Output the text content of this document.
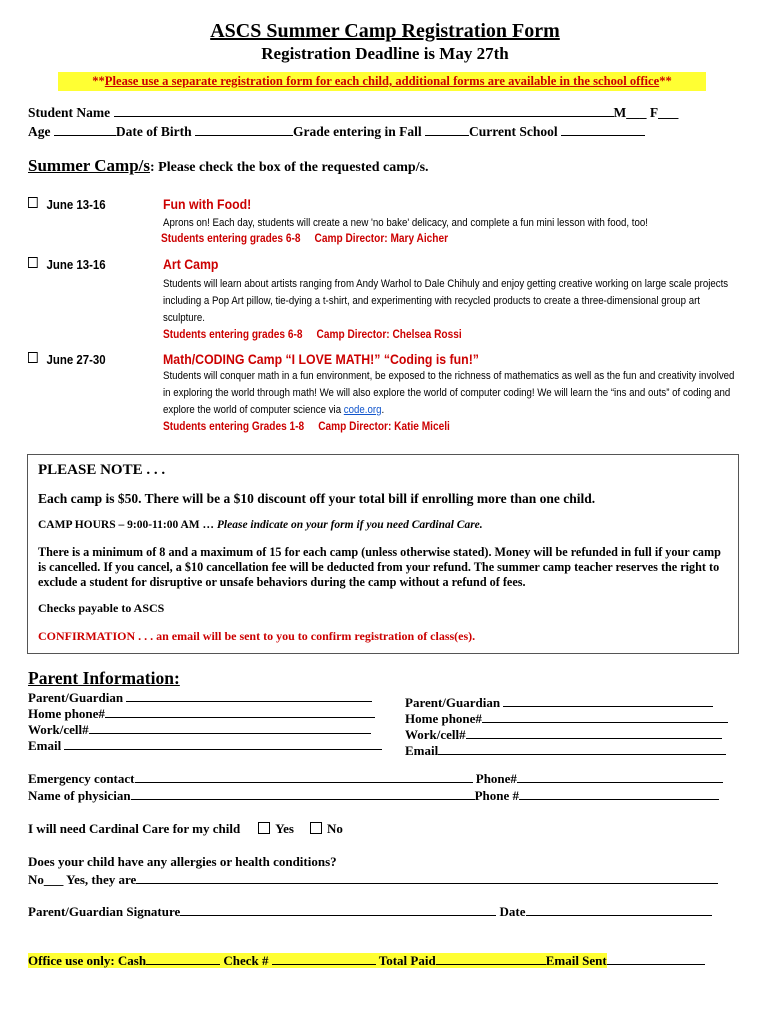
ASCS Summer Camp Registration Form
Registration Deadline is May 27th
**Please use a separate registration form for each child, additional forms are available in the school office**
Student Name	M___ F___
Age	Date of Birth	Grade entering in Fall	Current School
Summer Camp/s: Please check the box of the requested camp/s.
June 13-16	Fun with Food!
Aprons on! Each day, students will create a new 'no bake' delicacy, and complete a fun mini lesson with food, too!
Students entering grades 6-8 Camp Director: Mary Aicher
June 13-16	Art Camp
Students will learn about artists ranging from Andy Warhol to Dale Chihuly and enjoy getting creative working on large scale projects including a Pop Art pillow, tie-dying a t-shirt, and experimenting with recycled products to create a three-dimensional group art sculpture.
Students entering grades 6-8 Camp Director: Chelsea Rossi
June 27-30	Math/CODING Camp “I LOVE MATH!” “Coding is fun!”
Students will conquer math in a fun environment, be exposed to the richness of mathematics as well as the fun and creativity involved in exploring the world through math! We will also explore the world of computer coding! We will learn the “ins and outs” of coding and explore the world of computer science via code.org.
Students entering Grades 1-8 Camp Director: Katie Miceli
PLEASE NOTE . . .
Each camp is $50. There will be a $10 discount off your total bill if enrolling more than one child.
CAMP HOURS – 9:00-11:00 AM … Please indicate on your form if you need Cardinal Care.
There is a minimum of 8 and a maximum of 15 for each camp (unless otherwise stated). Money will be refunded in full if your camp is cancelled. If you cancel, a $10 cancellation fee will be deducted from your refund. The summer camp teacher reserves the right to exclude a student for disruptive or unsafe behaviors during the camp without a refund of fees.
Checks payable to ASCS
CONFIRMATION . . . an email will be sent to you to confirm registration of class(es).
Parent Information:
Parent/Guardian
Home phone#
Work/cell#
Email
Parent/Guardian
Home phone#
Work/cell#
Email
Emergency contact	Phone#
Name of physician	Phone #
I will need Cardinal Care for my child	Yes	No
Does your child have any allergies or health conditions?
No___ Yes, they are
Parent/Guardian Signature	Date
Office use only: Cash	Check #	Total Paid	Email Sent
